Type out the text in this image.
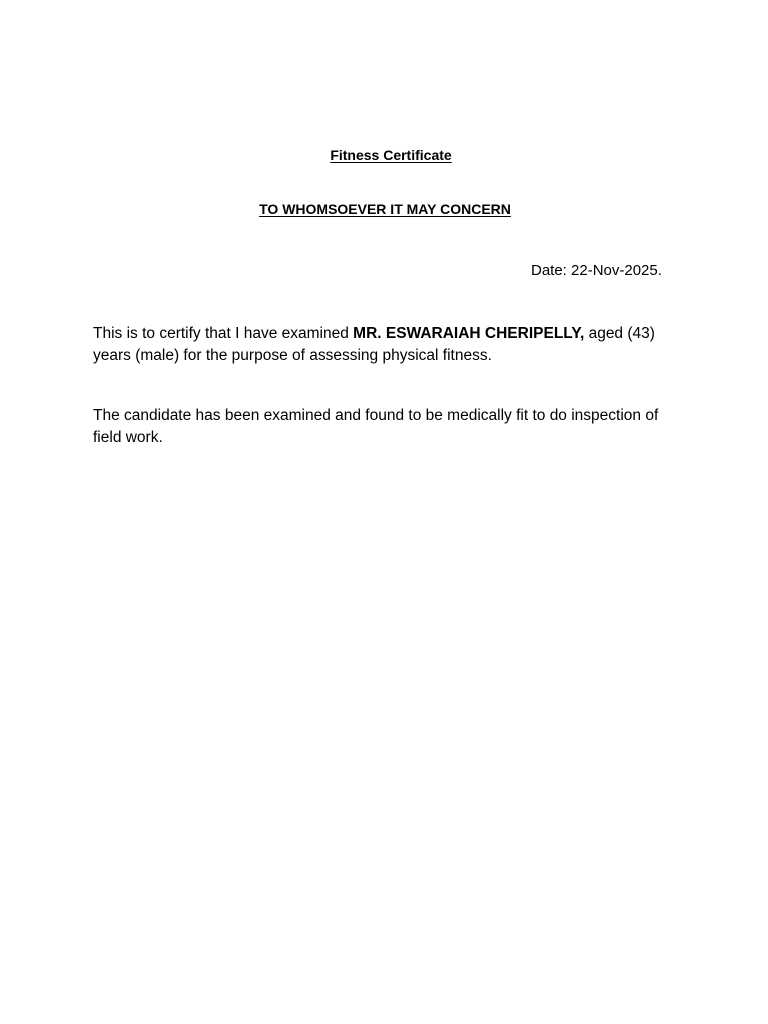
Fitness Certificate
TO WHOMSOEVER IT MAY CONCERN
Date: 22-Nov-2025.

This is to certify that I have examined MR. ESWARAIAH CHERIPELLY, aged (43) years (male) for the purpose of assessing physical fitness.

The candidate has been examined and found to be medically fit to do inspection of field work.
